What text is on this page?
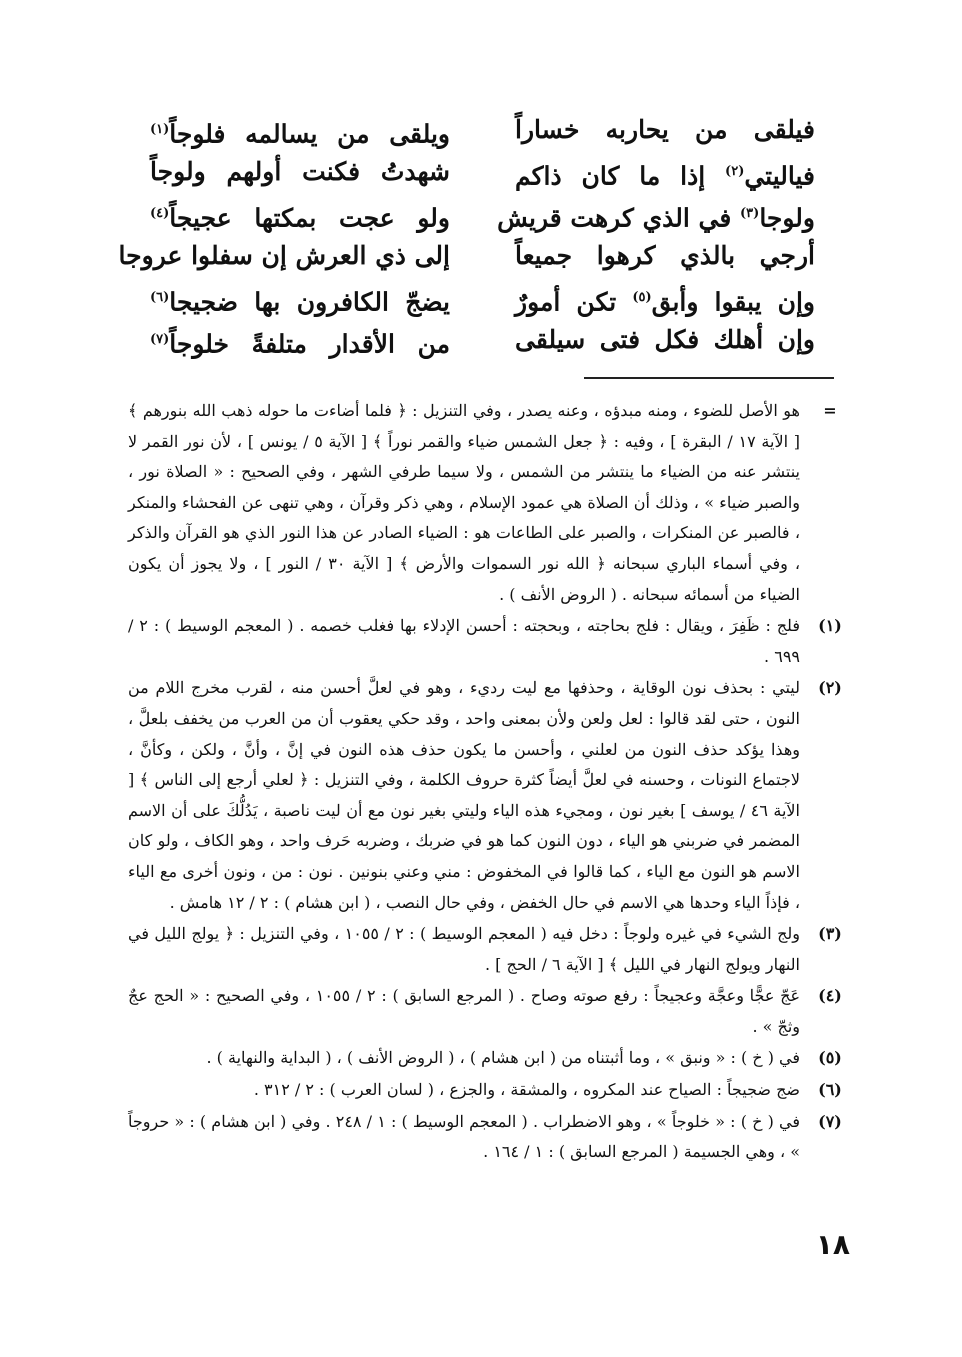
فيلقى من يحاربه خساراً
ويلقى من يسالمه فلوجاً$^{(١)}$
فياليتي$^{(٢)}$ إذا ما كان ذاكم
شهدتُ فكنت أولهم ولوجاً
ولوجا$^{(٣)}$ في الذي كرهت قريش
ولو عجت بمكتها عجيجاً$^{(٤)}$
أرجي بالذي كرهوا جميعاً
إلى ذي العرش إن سفلوا عروجا
وإن يبقوا وأبق$^{(٥)}$ تكن أمورٌ
يضجّ الكافرون بها ضجيجا$^{(٦)}$
وإن أهلك فكل فتى سيلقى
من الأقدار متلفةً خلوجاً$^{(٧)}$
=
هو الأصل للضوء ، ومنه مبدؤه ، وعنه يصدر ، وفي التنزيل : ﴿ فلما أضاءت ما حوله ذهب الله بنورهم ﴾ [ الآية ١٧ / البقرة ] ، وفيه : ﴿ جعل الشمس ضياء والقمر نوراً ﴾ [ الآية ٥ / يونس ] ، لأن نور القمر لا ينتشر عنه من الضياء ما ينتشر من الشمس ، ولا سيما طرفي الشهر ، وفي الصحيح : « الصلاة نور ، والصبر ضياء » ، وذلك أن الصلاة هي عمود الإسلام ، وهي ذكر وقرآن ، وهي تنهى عن الفحشاء والمنكر ، فالصبر عن المنكرات ، والصبر على الطاعات هو : الضياء الصادر عن هذا النور الذي هو القرآن والذكر ، وفي أسماء الباري سبحانه ﴿ الله نور السموات والأرض ﴾ [ الآية ٣٠ / النور ] ، ولا يجوز أن يكون الضياء من أسمائه سبحانه . ( الروض الأنف ) .
(١)
فلج : ظَفِرَ ، ويقال : فلج بحاجته ، وبحجته : أحسن الإدلاء بها فغلب خصمه . ( المعجم الوسيط ) : ٢ / ٦٩٩ .
(٢)
ليتي : بحذف نون الوقاية ، وحذفها مع ليت رديء ، وهو في لعلَّ أحسن منه ، لقرب مخرج اللام من النون ، حتى لقد قالوا : لعل ولعن ولأن بمعنى واحد ، وقد حكي يعقوب أن من العرب من يخفف بلعلَّ ، وهذا يؤكد حذف النون من لعلني ، وأحسن ما يكون حذف هذه النون في إنَّ ، وأنَّ ، ولكن ، وكأنَّ ، لاجتماع النونات ، وحسنه في لعلَّ أيضاً كثرة حروف الكلمة ، وفي التنزيل : ﴿ لعلي أرجع إلى الناس ﴾ [ الآية ٤٦ / يوسف ] بغير نون ، ومجيء هذه الياء وليتي بغير نون مع أن ليت ناصبة ، يَدُلُّكَ على أن الاسم المضمر في ضربني هو الياء ، دون النون كما هو في ضربك ، وضربه حَرف واحد ، وهو الكاف ، ولو كان الاسم هو النون مع الياء ، كما قالوا في المخفوض : مني وعني بنونين . نون : من ، ونون أخرى مع الياء ، فإذاً الياء وحدها هي الاسم في حال الخفض ، وفي حال النصب ، ( ابن هشام ) : ٢ / ١٢ هامش .
(٣)
ولج الشيء في غيره ولوجاً : دخل فيه ( المعجم الوسيط ) : ٢ / ١٠٥٥ ، وفي التنزيل : ﴿ يولج الليل في النهار ويولج النهار في الليل ﴾ [ الآية ٦ / الحج ] .
(٤)
عَجّ عجًّا وعجَّة وعجيجاً : رفع صوته وصاح . ( المرجع السابق ) : ٢ / ١٠٥٥ ، وفي الصحيح : « الحج عجٌ وثجّ » .
(٥)
في ( خ ) : « ونبق » ، وما أثبتناه من ( ابن هشام ) ، ( الروض الأنف ) ، ( البداية والنهاية ) .
(٦)
ضج ضجيجاً : الصياح عند المكروه ، والمشقة ، والجزع ، ( لسان العرب ) : ٢ / ٣١٢ .
(٧)
في ( خ ) : « خلوجاً » ، وهو الاضطراب . ( المعجم الوسيط ) : ١ / ٢٤٨ . وفي ( ابن هشام ) : « حروجاً » ، وهي الجسيمة ( المرجع السابق ) : ١ / ١٦٤ .
١٨
